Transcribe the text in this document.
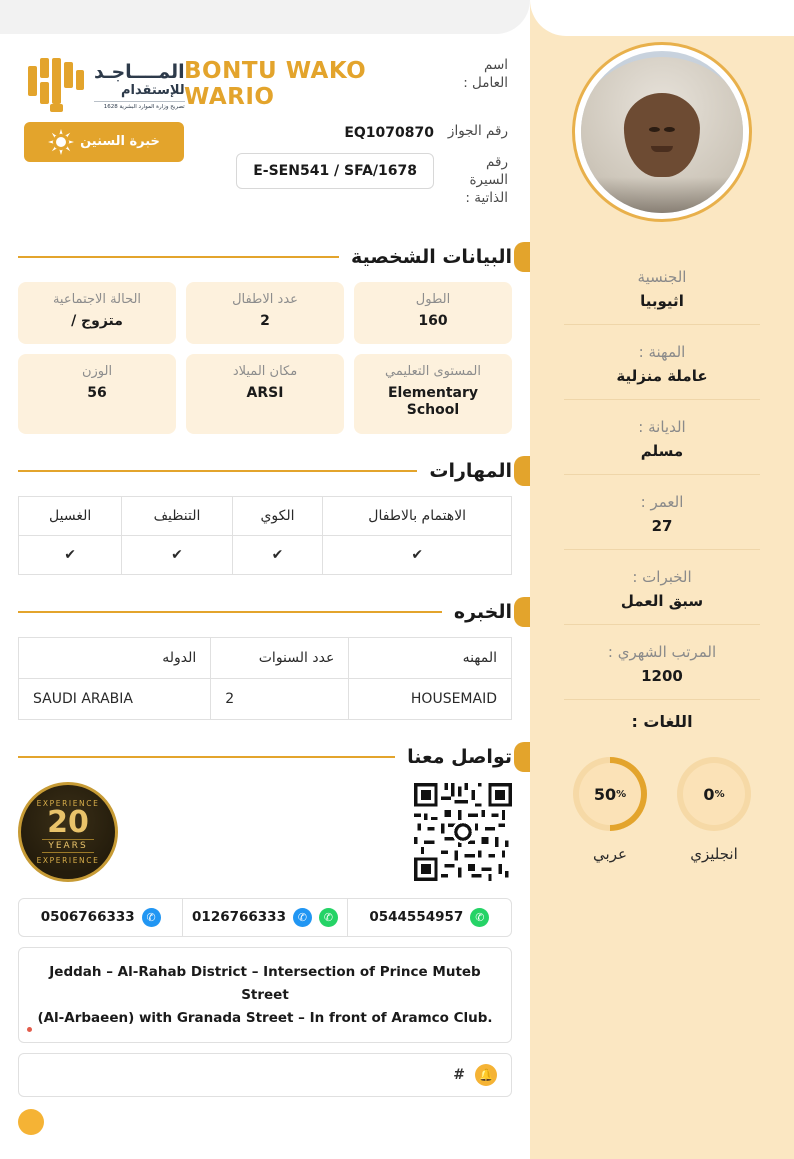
الجنسية
اثيوبيا
المهنة :
عاملة منزلية
الديانة :
مسلم
العمر :
27
الخبرات :
سبق العمل
المرتب الشهري :
1200
اللغات :
%
0
انجليزي
%
50
عربي
اسم العامل :
BONTU WAKO WARIO
رقم الجواز
EQ1070870
رقم السيرة الذاتية :
E-SEN541 / SFA/1678
المــــاجـد
للإستقدام
تصريح وزارة الموارد البشرية 1628
خبرة السنين
البيانات الشخصية
الطول
160
عدد الاطفال
2
الحالة الاجتماعية
متزوج /
المستوى التعليمي
Elementary School
مكان الميلاد
ARSI
الوزن
56
المهارات
الاهتمام بالاطفال	الكوي	التنظيف	الغسيل
✔	✔	✔	✔
الخبره
المهنه	عدد السنوات	الدوله
HOUSEMAID	2	SAUDI ARABIA
تواصل معنا
EXPERIENCE
20
YEARS
EXPERIENCE
0544554957	✆
0126766333	✆	✆
0506766333	✆
Jeddah – Al-Rahab District – Intersection of Prince Muteb Street
(Al-Arbaeen) with Granada Street – In front of Aramco Club.
🔔
#
